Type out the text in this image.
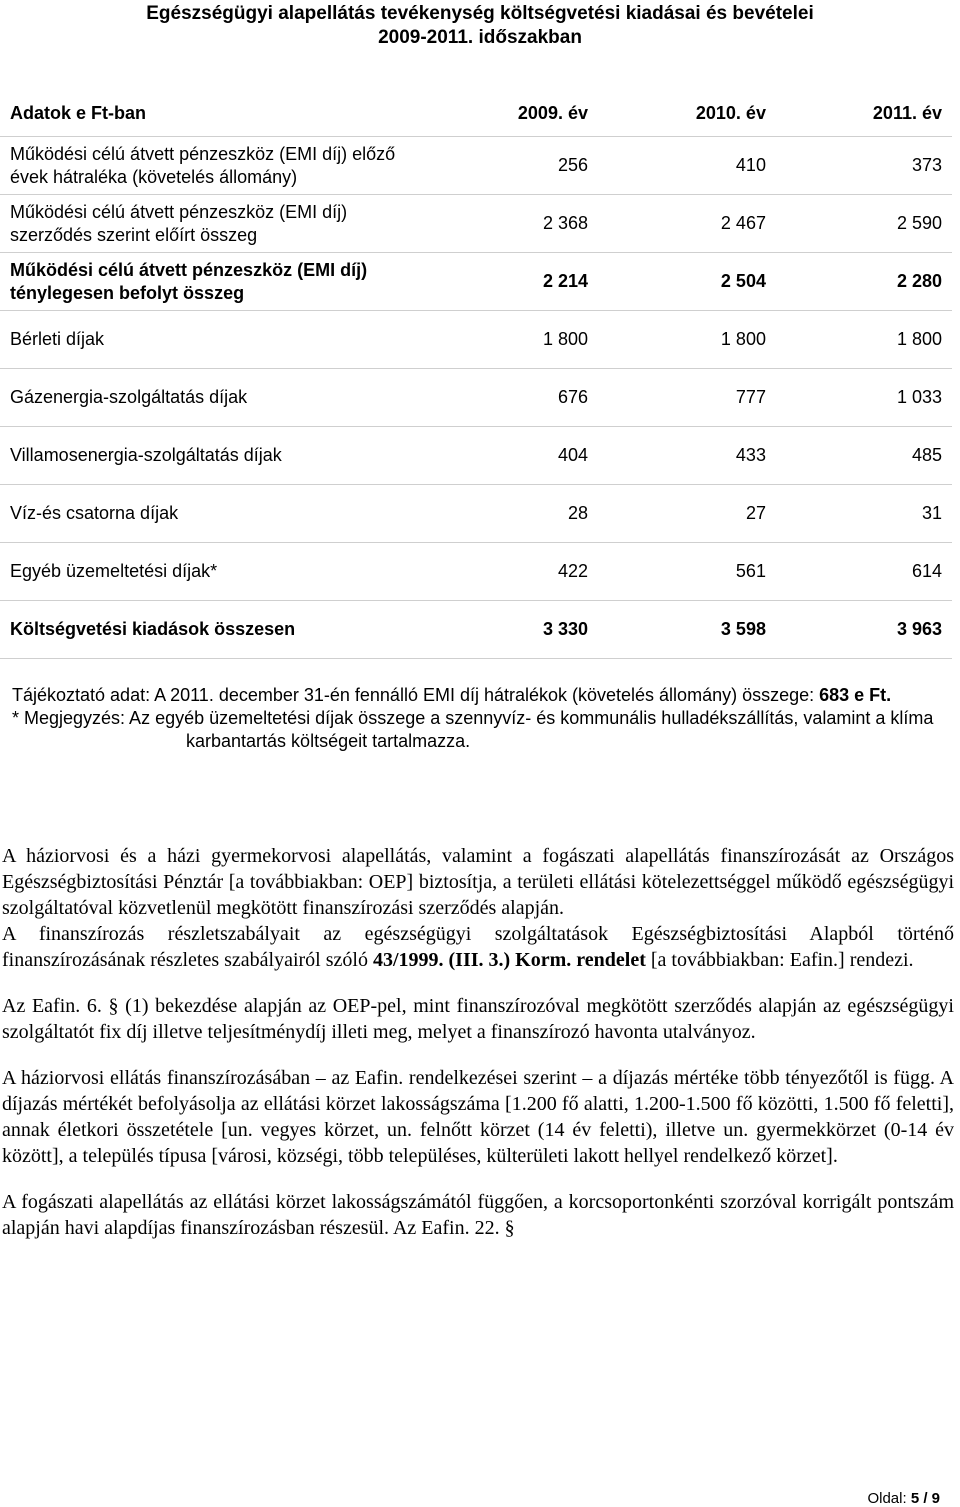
Egészségügyi alapellátás tevékenység költségvetési kiadásai és bevételei
2009-2011. időszakban
Adatok e Ft-ban	2009. év	2010. év	2011. év
Működési célú átvett pénzeszköz (EMI díj) előző évek hátraléka (követelés állomány)	256	410	373
Működési célú átvett pénzeszköz (EMI díj) szerződés szerint előírt összeg	2 368	2 467	2 590
Működési célú átvett pénzeszköz (EMI díj) ténylegesen befolyt összeg	2 214	2 504	2 280
Bérleti díjak	1 800	1 800	1 800
Gázenergia-szolgáltatás díjak	676	777	1 033
Villamosenergia-szolgáltatás díjak	404	433	485
Víz-és csatorna díjak	28	27	31
Egyéb üzemeltetési díjak*	422	561	614
Költségvetési kiadások összesen	3 330	3 598	3 963
Tájékoztató adat: A 2011. december 31-én fennálló EMI díj hátralékok (követelés állomány) összege: 683 e Ft.
* Megjegyzés: Az egyéb üzemeltetési díjak összege a szennyvíz- és kommunális hulladékszállítás, valamint a klíma karbantartás költségeit tartalmazza.

A háziorvosi és a házi gyermekorvosi alapellátás, valamint a fogászati alapellátás finanszírozását az Országos Egészségbiztosítási Pénztár [a továbbiakban: OEP] biztosítja, a területi ellátási kötelezettséggel működő egészségügyi szolgáltatóval közvetlenül megkötött finanszírozási szerződés alapján.

A finanszírozás részletszabályait az egészségügyi szolgáltatások Egészségbiztosítási Alapból történő finanszírozásának részletes szabályairól szóló 43/1999. (III. 3.) Korm. rendelet [a továbbiakban: Eafin.] rendezi.

Az Eafin. 6. § (1) bekezdése alapján az OEP-pel, mint finanszírozóval megkötött szerződés alapján az egészségügyi szolgáltatót fix díj illetve teljesítménydíj illeti meg, melyet a finanszírozó havonta utalványoz.

A háziorvosi ellátás finanszírozásában – az Eafin. rendelkezései szerint – a díjazás mértéke több tényezőtől is függ. A díjazás mértékét befolyásolja az ellátási körzet lakosságszáma [1.200 fő alatti, 1.200-1.500 fő közötti, 1.500 fő feletti], annak életkori összetétele [un. vegyes körzet, un. felnőtt körzet (14 év feletti), illetve un. gyermekkörzet (0-14 év között], a település típusa [városi, községi, több településes, külterületi lakott hellyel rendelkező körzet].

A fogászati alapellátás az ellátási körzet lakosságszámától függően, a korcsoportonkénti szorzóval korrigált pontszám alapján havi alapdíjas finanszírozásban részesül. Az Eafin. 22. §

Oldal: 5 / 9
